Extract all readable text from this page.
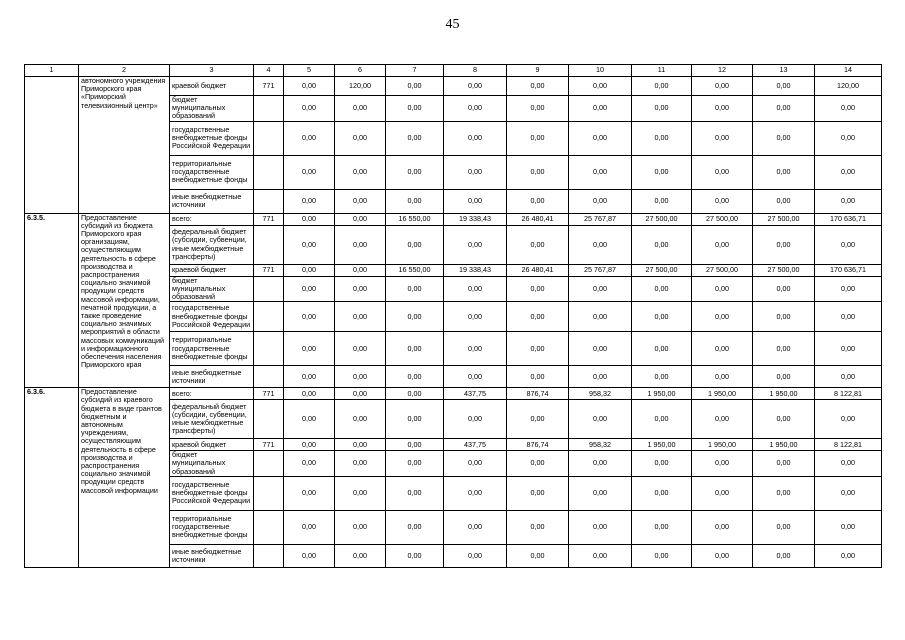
45
1	2	3	4	5	6	7	8	9	10	11	12	13	14
	автономного учреждения Приморского края «Приморский телевизионный центр»	краевой бюджет	771	0,00	120,00	0,00	0,00	0,00	0,00	0,00	0,00	0,00	120,00
		бюджет муниципальных образований		0,00	0,00	0,00	0,00	0,00	0,00	0,00	0,00	0,00	0,00
		государственные внебюджетные фонды Российской Федерации		0,00	0,00	0,00	0,00	0,00	0,00	0,00	0,00	0,00	0,00
		территориальные государственные внебюджетные фонды		0,00	0,00	0,00	0,00	0,00	0,00	0,00	0,00	0,00	0,00
		иные внебюджетные источники		0,00	0,00	0,00	0,00	0,00	0,00	0,00	0,00	0,00	0,00
6.3.5.	Предоставление субсидий из бюджета Приморского края организациям, осуществляющим деятельность в сфере производства и распространения социально значимой продукции средств массовой информации, печатной продукции, а также проведение социально значимых мероприятий в области массовых коммуникаций и информационного обеспечения населения Приморского края	всего:	771	0,00	0,00	16 550,00	19 338,43	26 480,41	25 767,87	27 500,00	27 500,00	27 500,00	170 636,71
		федеральный бюджет (субсидии, субвенции, иные межбюджетные трансферты)		0,00	0,00	0,00	0,00	0,00	0,00	0,00	0,00	0,00	0,00
		краевой бюджет	771	0,00	0,00	16 550,00	19 338,43	26 480,41	25 767,87	27 500,00	27 500,00	27 500,00	170 636,71
		бюджет муниципальных образований		0,00	0,00	0,00	0,00	0,00	0,00	0,00	0,00	0,00	0,00
		государственные внебюджетные фонды Российской Федерации		0,00	0,00	0,00	0,00	0,00	0,00	0,00	0,00	0,00	0,00
		территориальные государственные внебюджетные фонды		0,00	0,00	0,00	0,00	0,00	0,00	0,00	0,00	0,00	0,00
		иные внебюджетные источники		0,00	0,00	0,00	0,00	0,00	0,00	0,00	0,00	0,00	0,00
6.3.6.	Предоставление субсидий из краевого бюджета в виде грантов бюджетным и автономным учреждениям, осуществляющим деятельность в сфере производства и распространения социально значимой продукции средств массовой информации	всего:	771	0,00	0,00	0,00	437,75	876,74	958,32	1 950,00	1 950,00	1 950,00	8 122,81
		федеральный бюджет (субсидии, субвенции, иные межбюджетные трансферты)		0,00	0,00	0,00	0,00	0,00	0,00	0,00	0,00	0,00	0,00
		краевой бюджет	771	0,00	0,00	0,00	437,75	876,74	958,32	1 950,00	1 950,00	1 950,00	8 122,81
		бюджет муниципальных образований		0,00	0,00	0,00	0,00	0,00	0,00	0,00	0,00	0,00	0,00
		государственные внебюджетные фонды Российской Федерации		0,00	0,00	0,00	0,00	0,00	0,00	0,00	0,00	0,00	0,00
		территориальные государственные внебюджетные фонды		0,00	0,00	0,00	0,00	0,00	0,00	0,00	0,00	0,00	0,00
		иные внебюджетные источники		0,00	0,00	0,00	0,00	0,00	0,00	0,00	0,00	0,00	0,00
